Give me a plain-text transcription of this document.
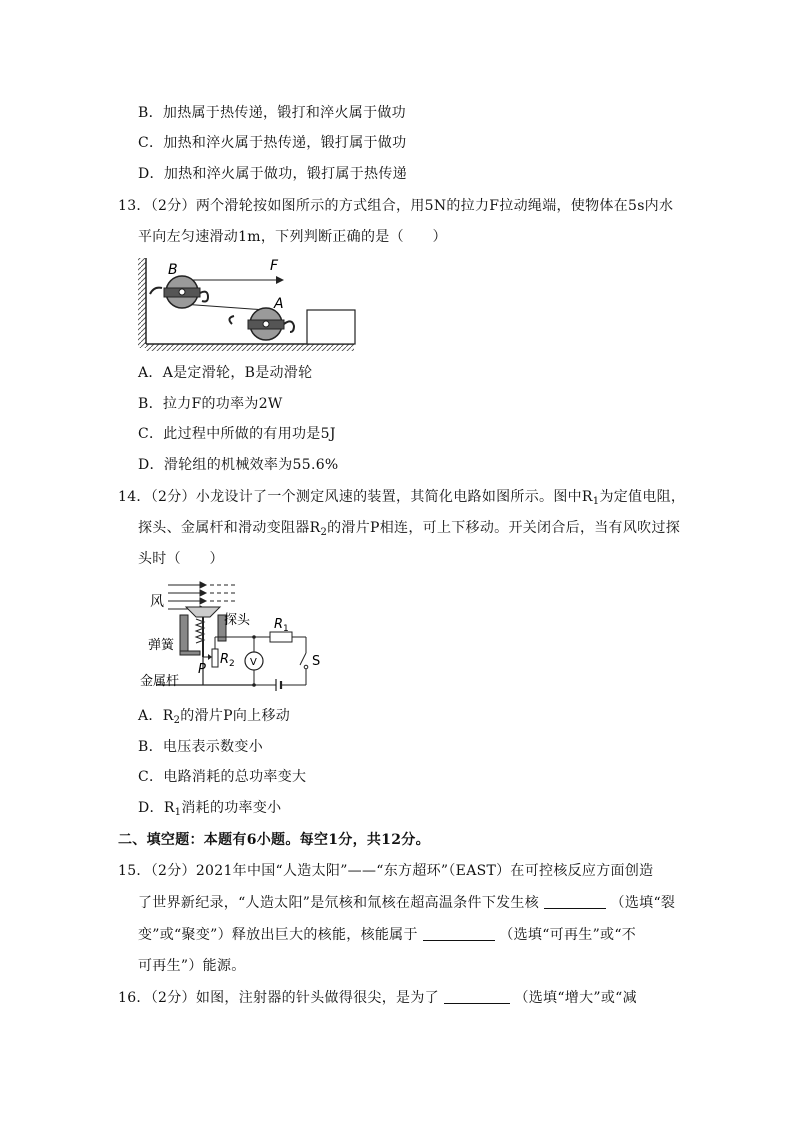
B．加热属于热传递，锻打和淬火属于做功
C．加热和淬火属于热传递，锻打属于做功
D．加热和淬火属于做功，锻打属于热传递
13．（2分）两个滑轮按如图所示的方式组合，用5N的拉力F拉动绳端，使物体在5s内水
平向左匀速滑动1m，下列判断正确的是（　　）
B	F
A
A．A是定滑轮，B是动滑轮
B．拉力F的功率为2W
C．此过程中所做的有用功是5J
D．滑轮组的机械效率为55.6%
14．（2分）小龙设计了一个测定风速的装置，其简化电路如图所示。图中$R_1$为定值电阻，
探头、金属杆和滑动变阻器$R_2$的滑片P相连，可上下移动。开关闭合后，当有风吹过探
头时（　　）
风
探头
弹簧
金属杆
$R_1$
$R_2$
P	V	S
A．$R_2$的滑片P向上移动
B．电压表示数变小
C．电路消耗的总功率变大
D．$R_1$消耗的功率变小
二、填空题：本题有6小题。每空1分，共12分。
15．（2分）2021年中国“人造太阳”——“东方超环”（EAST）在可控核反应方面创造
了世界新纪录，“人造太阳”是氘核和氚核在超高温条件下发生核	（选填“裂
变”或“聚变”）释放出巨大的核能，核能属于	（选填“可再生”或“不
可再生”）能源。
16．（2分）如图，注射器的针头做得很尖，是为了	（选填“增大”或“减
